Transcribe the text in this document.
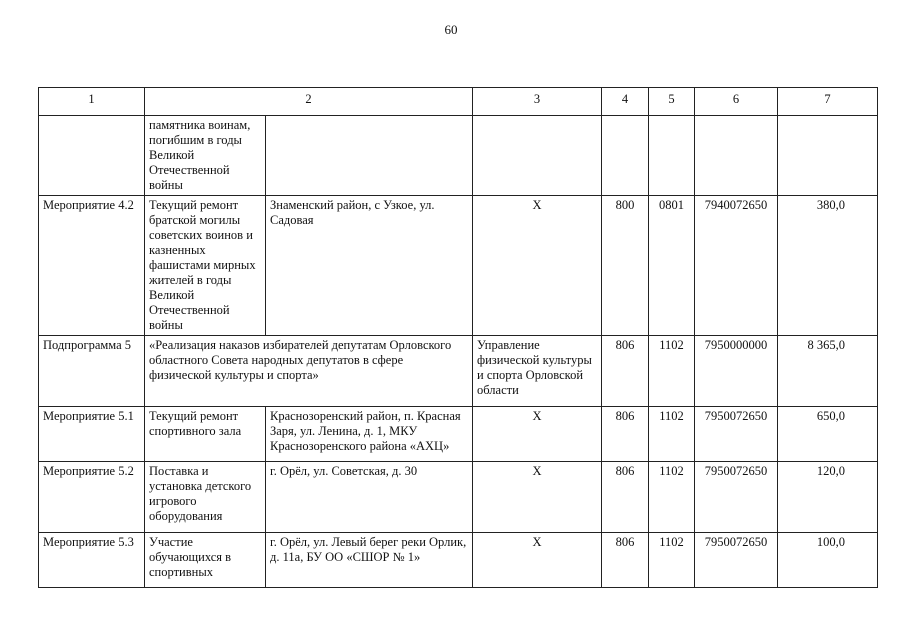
60
1	2		3	4	5	6	7
	памятника воинам, погибшим в годы Великой Отечественной войны						
Мероприятие 4.2	Текущий ремонт братской могилы советских воинов и казненных фашистами мирных жителей в годы Великой Отечественной войны	Знаменский район, с Узкое, ул. Садовая	Х	800	0801	7940072650	380,0
Подпрограмма 5	«Реализация наказов избирателей депутатам Орловского областного Совета народных депутатов в сфере физической культуры и спорта»		Управление физической культуры и спорта Орловской области	806	1102	7950000000	8 365,0
Мероприятие 5.1	Текущий ремонт спортивного зала	Краснозоренский район, п. Красная Заря, ул. Ленина, д. 1, МКУ Краснозоренского района «АХЦ»	Х	806	1102	7950072650	650,0
Мероприятие 5.2	Поставка и установка детского игрового оборудования	г. Орёл, ул. Советская, д. 30	Х	806	1102	7950072650	120,0
Мероприятие 5.3	Участие обучающихся в спортивных	г. Орёл, ул. Левый берег реки Орлик, д. 11а, БУ ОО «СШОР № 1»	Х	806	1102	7950072650	100,0
